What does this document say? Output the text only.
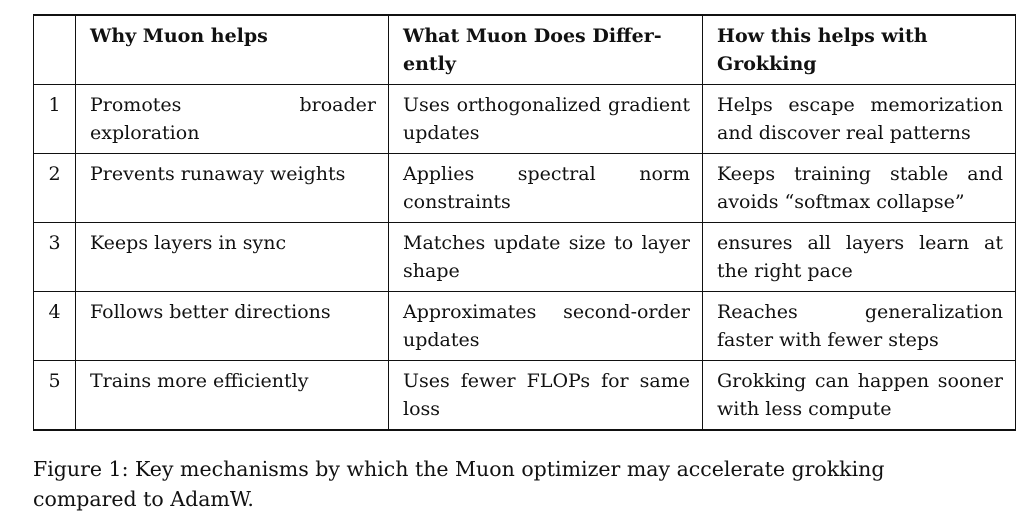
	Why Muon helps	What Muon Does Differ-ently	How this helps with Grokking
1	Promotes broader exploration	Uses orthogonalized gradient updates	Helps escape memorization and discover real patterns
2	Prevents runaway weights	Applies spectral norm constraints	Keeps training stable and avoids “softmax collapse”
3	Keeps layers in sync	Matches update size to layer shape	ensures all layers learn at the right pace
4	Follows better directions	Approximates second-order updates	Reaches generalization faster with fewer steps
5	Trains more efficiently	Uses fewer FLOPs for same loss	Grokking can happen sooner with less compute
Figure 1: Key mechanisms by which the Muon optimizer may accelerate grokking compared to AdamW.
